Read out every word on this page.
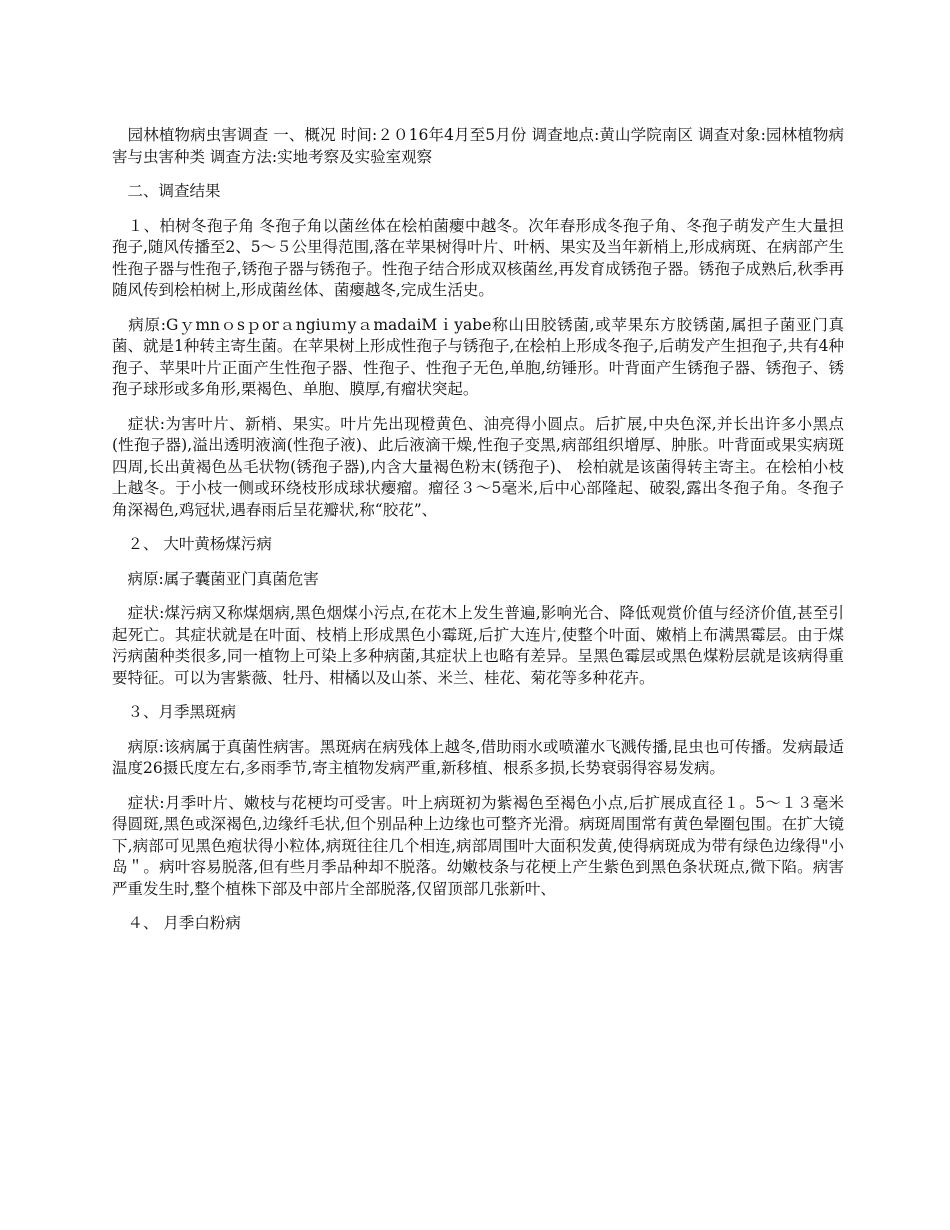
　园林植物病虫害调查 一、概况 时间:２０16年4月至5月份 调查地点:黄山学院南区 调查对象:园林植物病害与虫害种类 调查方法:实地考察及实验室观察

　二、调查结果

　１、柏树冬孢子角 冬孢子角以菌丝体在桧柏菌瘿中越冬。次年春形成冬孢子角、冬孢子萌发产生大量担孢子,随风传播至2、5～５公里得范围,落在苹果树得叶片、叶柄、果实及当年新梢上,形成病斑、在病部产生性孢子器与性孢子,锈孢子器与锈孢子。性孢子结合形成双核菌丝,再发育成锈孢子器。锈孢子成熟后,秋季再随风传到桧柏树上,形成菌丝体、菌瘿越冬,完成生活史。

　病原:GｙmnｏsｐorａngiuｍyａmadaiMｉyabe称山田胶锈菌,或苹果东方胶锈菌,属担子菌亚门真菌、就是1种转主寄生菌。在苹果树上形成性孢子与锈孢子,在桧柏上形成冬孢子,后萌发产生担孢子,共有4种孢子、苹果叶片正面产生性孢子器、性孢子、性孢子无色,单胞,纺锤形。叶背面产生锈孢子器、锈孢子、锈孢子球形或多角形,栗褐色、单胞、膜厚,有瘤状突起。

　症状:为害叶片、新梢、果实。叶片先出现橙黄色、油亮得小圆点。后扩展,中央色深,并长出许多小黑点(性孢子器),溢出透明液滴(性孢子液)、此后液滴干燥,性孢子变黑,病部组织增厚、肿胀。叶背面或果实病斑四周,长出黄褐色丛毛状物(锈孢子器),内含大量褐色粉末(锈孢子)、 桧柏就是该菌得转主寄主。在桧柏小枝上越冬。于小枝一侧或环绕枝形成球状瘿瘤。瘤径３～5毫米,后中心部隆起、破裂,露出冬孢子角。冬孢子角深褐色,鸡冠状,遇春雨后呈花瓣状,称“胶花”、

　２、 大叶黄杨煤污病

　病原:属子囊菌亚门真菌危害

　症状:煤污病又称煤烟病,黑色烟煤小污点,在花木上发生普遍,影响光合、降低观赏价值与经济价值,甚至引起死亡。其症状就是在叶面、枝梢上形成黑色小霉斑,后扩大连片,使整个叶面、嫩梢上布满黑霉层。由于煤污病菌种类很多,同一植物上可染上多种病菌,其症状上也略有差异。呈黑色霉层或黑色煤粉层就是该病得重要特征。可以为害紫薇、牡丹、柑橘以及山茶、米兰、桂花、菊花等多种花卉。

　３、月季黑斑病

　病原:该病属于真菌性病害。黑斑病在病残体上越冬,借助雨水或喷灌水飞溅传播,昆虫也可传播。发病最适温度26摄氏度左右,多雨季节,寄主植物发病严重,新移植、根系多损,长势衰弱得容易发病。

　症状:月季叶片、嫩枝与花梗均可受害。叶上病斑初为紫褐色至褐色小点,后扩展成直径１。5～１３毫米得圆斑,黑色或深褐色,边缘纤毛状,但个别品种上边缘也可整齐光滑。病斑周围常有黄色晕圈包围。在扩大镜下,病部可见黑色疱状得小粒体,病斑往往几个相连,病部周围叶大面积发黄,使得病斑成为带有绿色边缘得"小岛＂。病叶容易脱落,但有些月季品种却不脱落。幼嫩枝条与花梗上产生紫色到黑色条状斑点,微下陷。病害严重发生时,整个植株下部及中部片全部脱落,仅留顶部几张新叶、

　４、 月季白粉病
